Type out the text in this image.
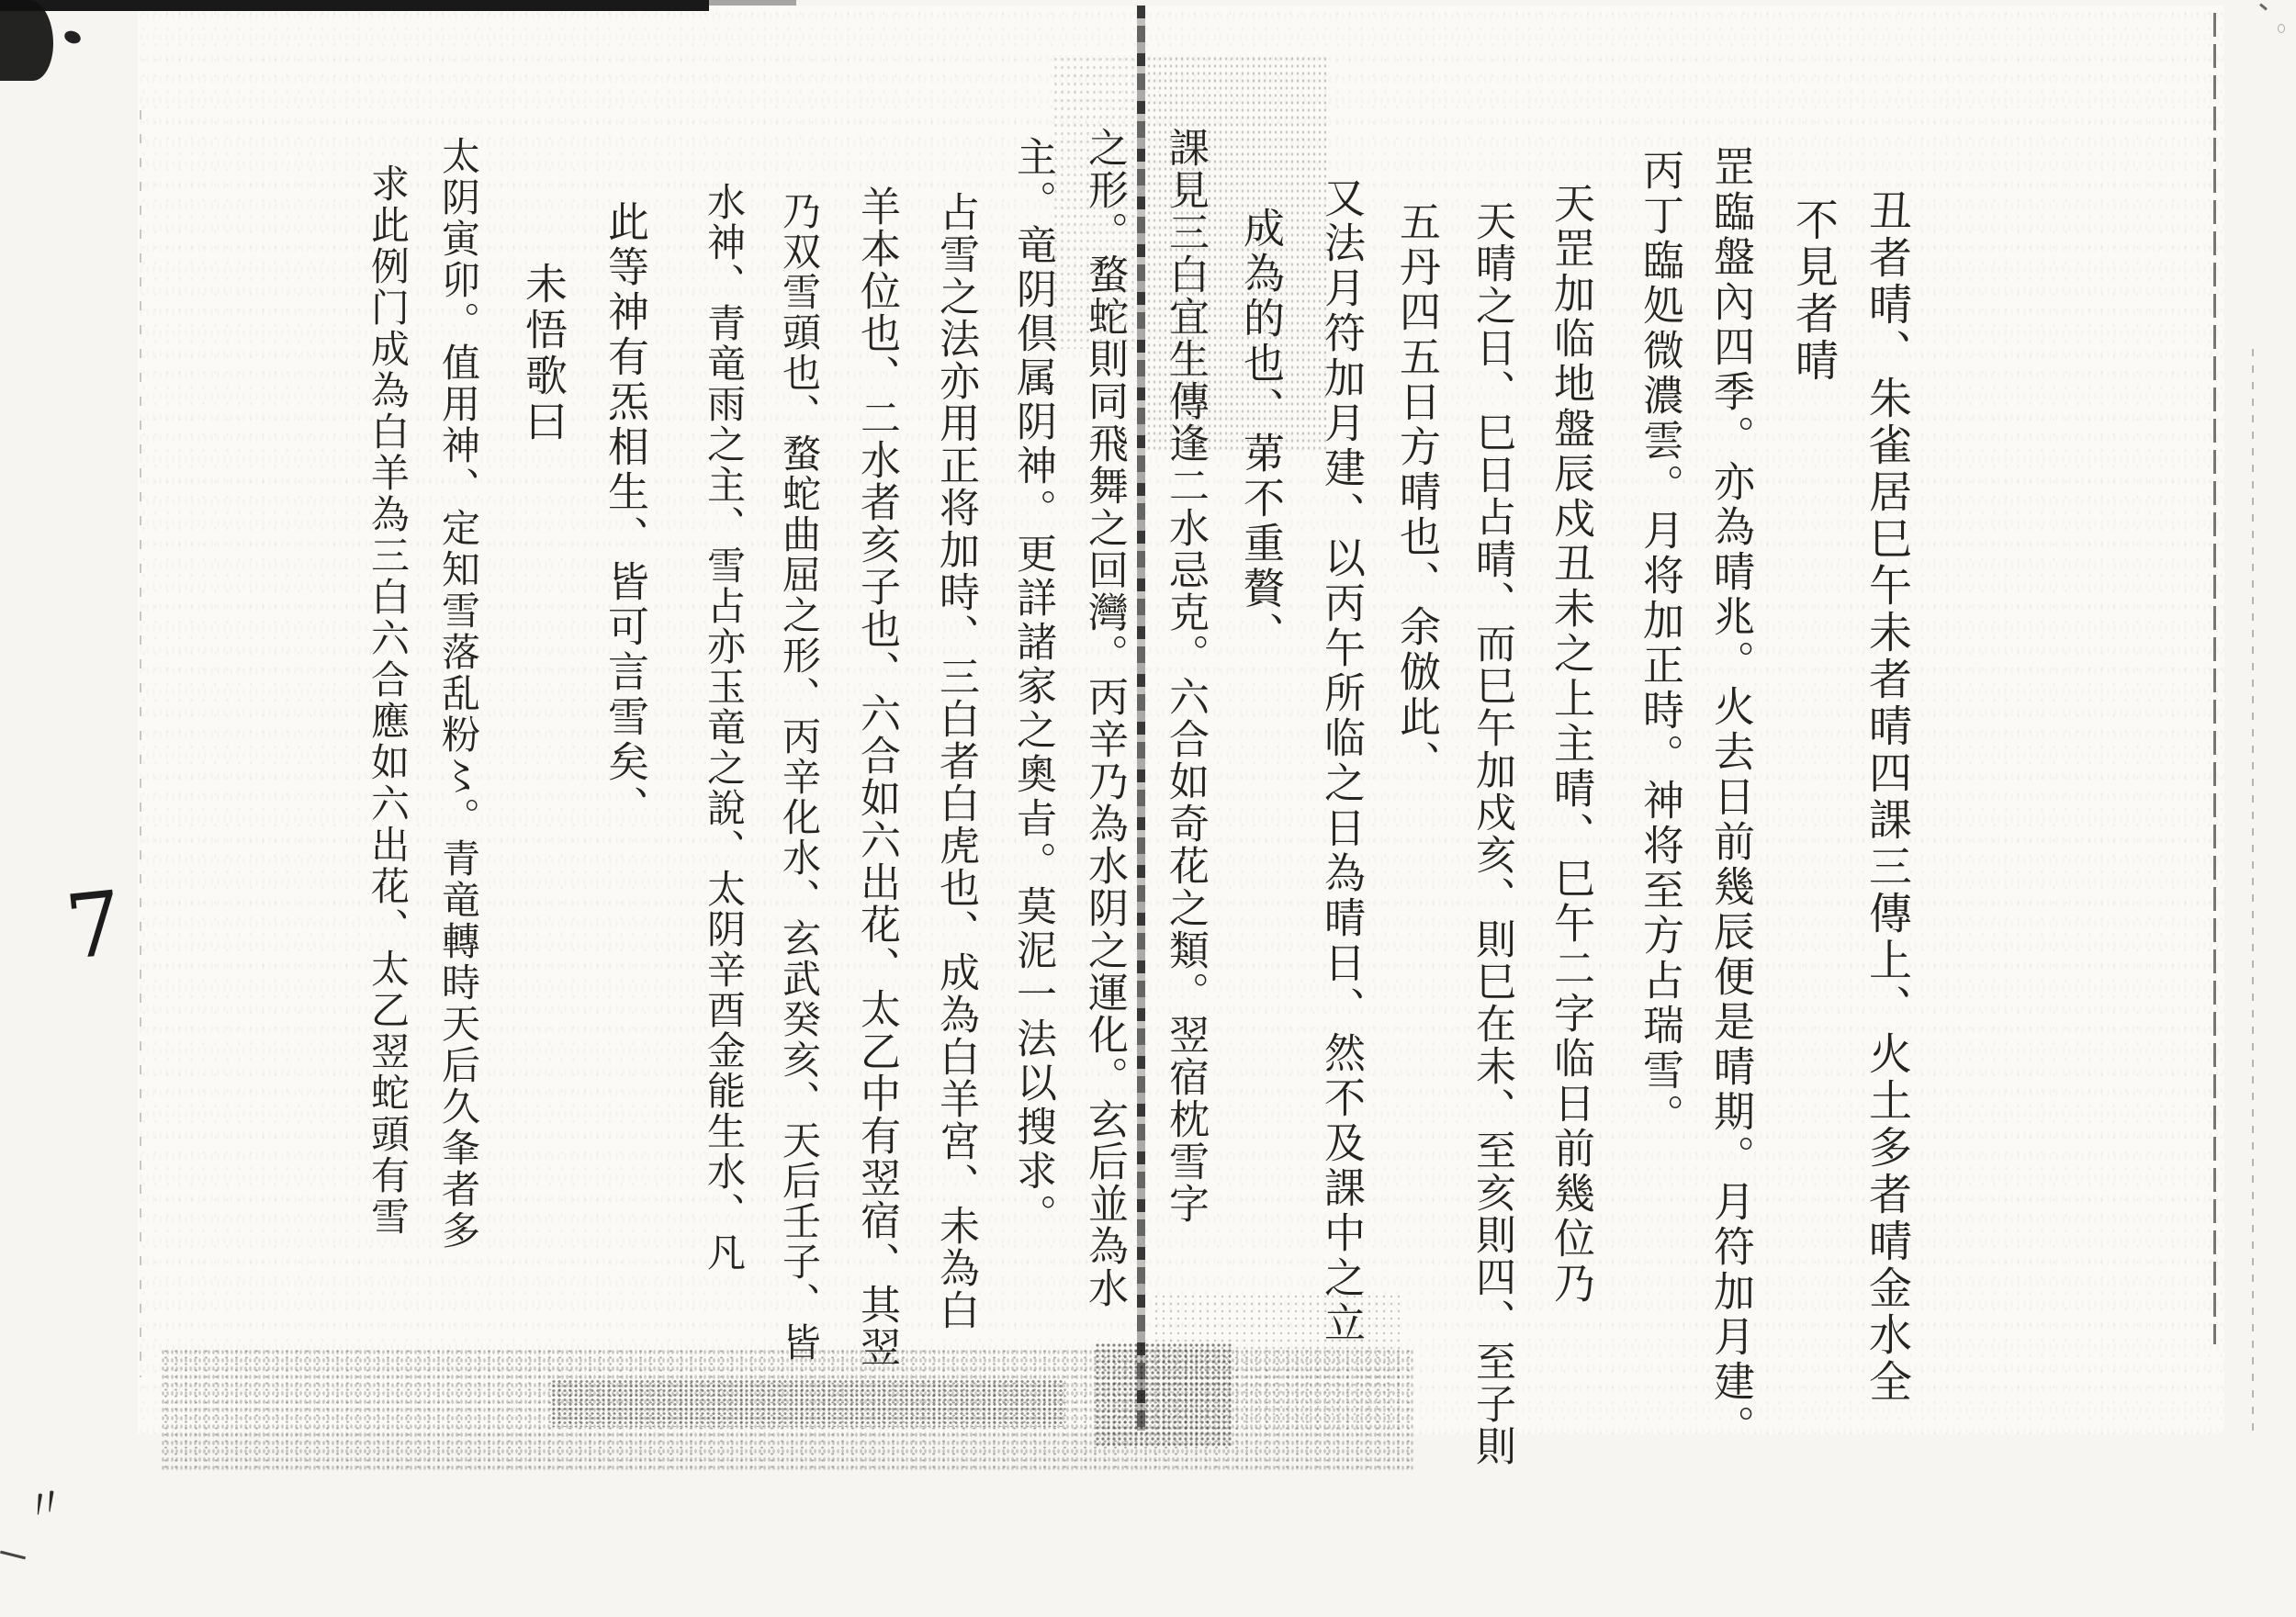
丑者晴、朱雀居巳午未者晴四課三傳上、火土多者晴金水全
不見者晴
罡臨盤內四季。亦為晴兆。火去日前幾辰便是晴期。月符加月建。
丙丁臨処微濃雲。月将加正時。神将至方占瑞雪。
天罡加临地盤辰戍丑未之上主晴、巳午二字临日前幾位乃
天晴之日、巳日占晴、而巳午加戍亥、則巳在未、至亥則四、至子則
五丹四五日方晴也、余倣此、
又法月符加月建、以丙午所临之日為晴日、然不及課中之立
成為的也、苐不重贅、
課見三白宜生傳逢二水忌克。六合如奇花之類。翌宿枕雪字
之形。蝥蛇則同飛舞之回灣。丙辛乃為水阴之運化。玄后並為水
主。竜阴倶属阴神。更詳諸家之奧㫖。莫泥一法以搜求。
占雪之法亦用正将加時、三白者白虎也、成為白羊宮、未為白
羊本位也、二水者亥子也、六合如六出花、太乙中有翌宿、其翌
乃双雪頭也、蝥蛇曲屈之形、丙辛化水、玄武癸亥、天后壬子、皆
水神、青竜雨之主、雪占亦玉竜之說、太阴辛酉金能生水、凡
此等神有炁相生、皆可言雪矣、
未悟歌曰
太阴寅卯。值用神、定知雪落乱粉〻。青竜轉時天后久夆者多
求此例门成為白羊為三白六合應如六出花、太乙翌蛇頭有雪
7
〃
